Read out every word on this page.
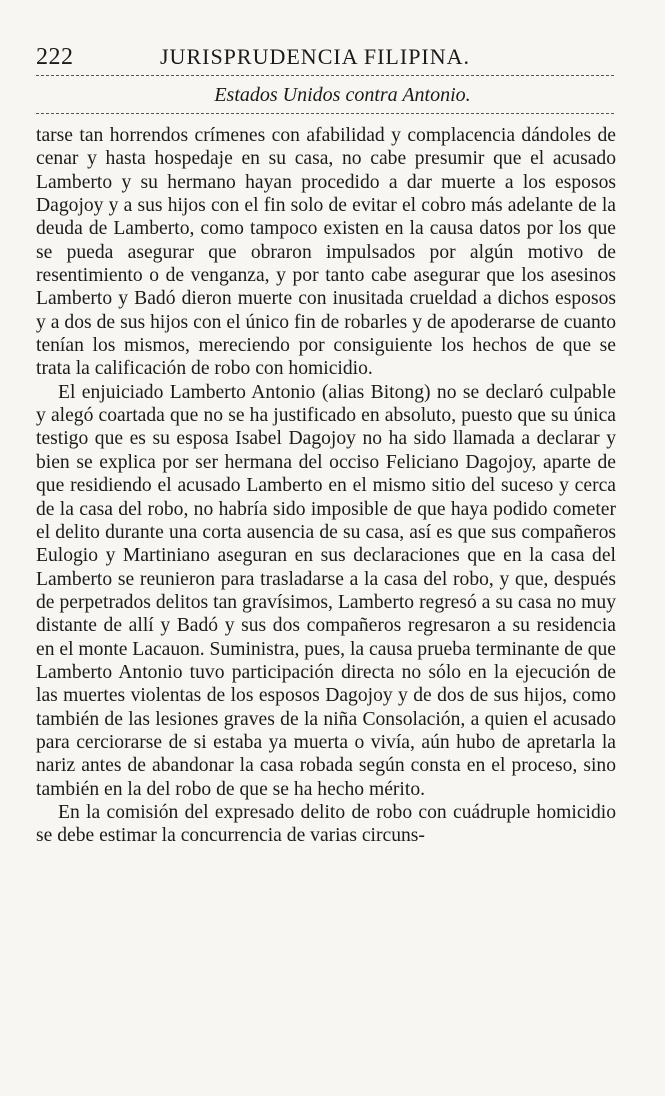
222	JURISPRUDENCIA FILIPINA.
Estados Unidos contra Antonio.

tarse tan horrendos crímenes con afabilidad y complacencia dándoles de cenar y hasta hospedaje en su casa, no cabe presumir que el acusado Lamberto y su hermano hayan procedido a dar muerte a los esposos Dagojoy y a sus hijos con el fin solo de evitar el cobro más adelante de la deuda de Lamberto, como tampoco existen en la causa datos por los que se pueda asegurar que obraron impulsados por algún motivo de resentimiento o de venganza, y por tanto cabe asegurar que los asesinos Lamberto y Badó dieron muerte con inusitada crueldad a dichos esposos y a dos de sus hijos con el único fin de robarles y de apoderarse de cuanto tenían los mismos, mereciendo por consiguiente los hechos de que se trata la calificación de robo con homicidio.

El enjuiciado Lamberto Antonio (alias Bitong) no se declaró culpable y alegó coartada que no se ha justificado en absoluto, puesto que su única testigo que es su esposa Isabel Dagojoy no ha sido llamada a declarar y bien se explica por ser hermana del occiso Feliciano Dagojoy, aparte de que residiendo el acusado Lamberto en el mismo sitio del suceso y cerca de la casa del robo, no habría sido imposible de que haya podido cometer el delito durante una corta ausencia de su casa, así es que sus compañeros Eulogio y Martiniano aseguran en sus declaraciones que en la casa del Lamberto se reunieron para trasladarse a la casa del robo, y que, después de perpetrados delitos tan gravísimos, Lamberto regresó a su casa no muy distante de allí y Badó y sus dos compañeros regresaron a su residencia en el monte Lacauon. Suministra, pues, la causa prueba terminante de que Lamberto Antonio tuvo participación directa no sólo en la ejecución de las muertes violentas de los esposos Dagojoy y de dos de sus hijos, como también de las lesiones graves de la niña Consolación, a quien el acusado para cerciorarse de si estaba ya muerta o vivía, aún hubo de apretarla la nariz antes de abandonar la casa robada según consta en el proceso, sino también en la del robo de que se ha hecho mérito.

En la comisión del expresado delito de robo con cuádruple homicidio se debe estimar la concurrencia de varias circuns-
